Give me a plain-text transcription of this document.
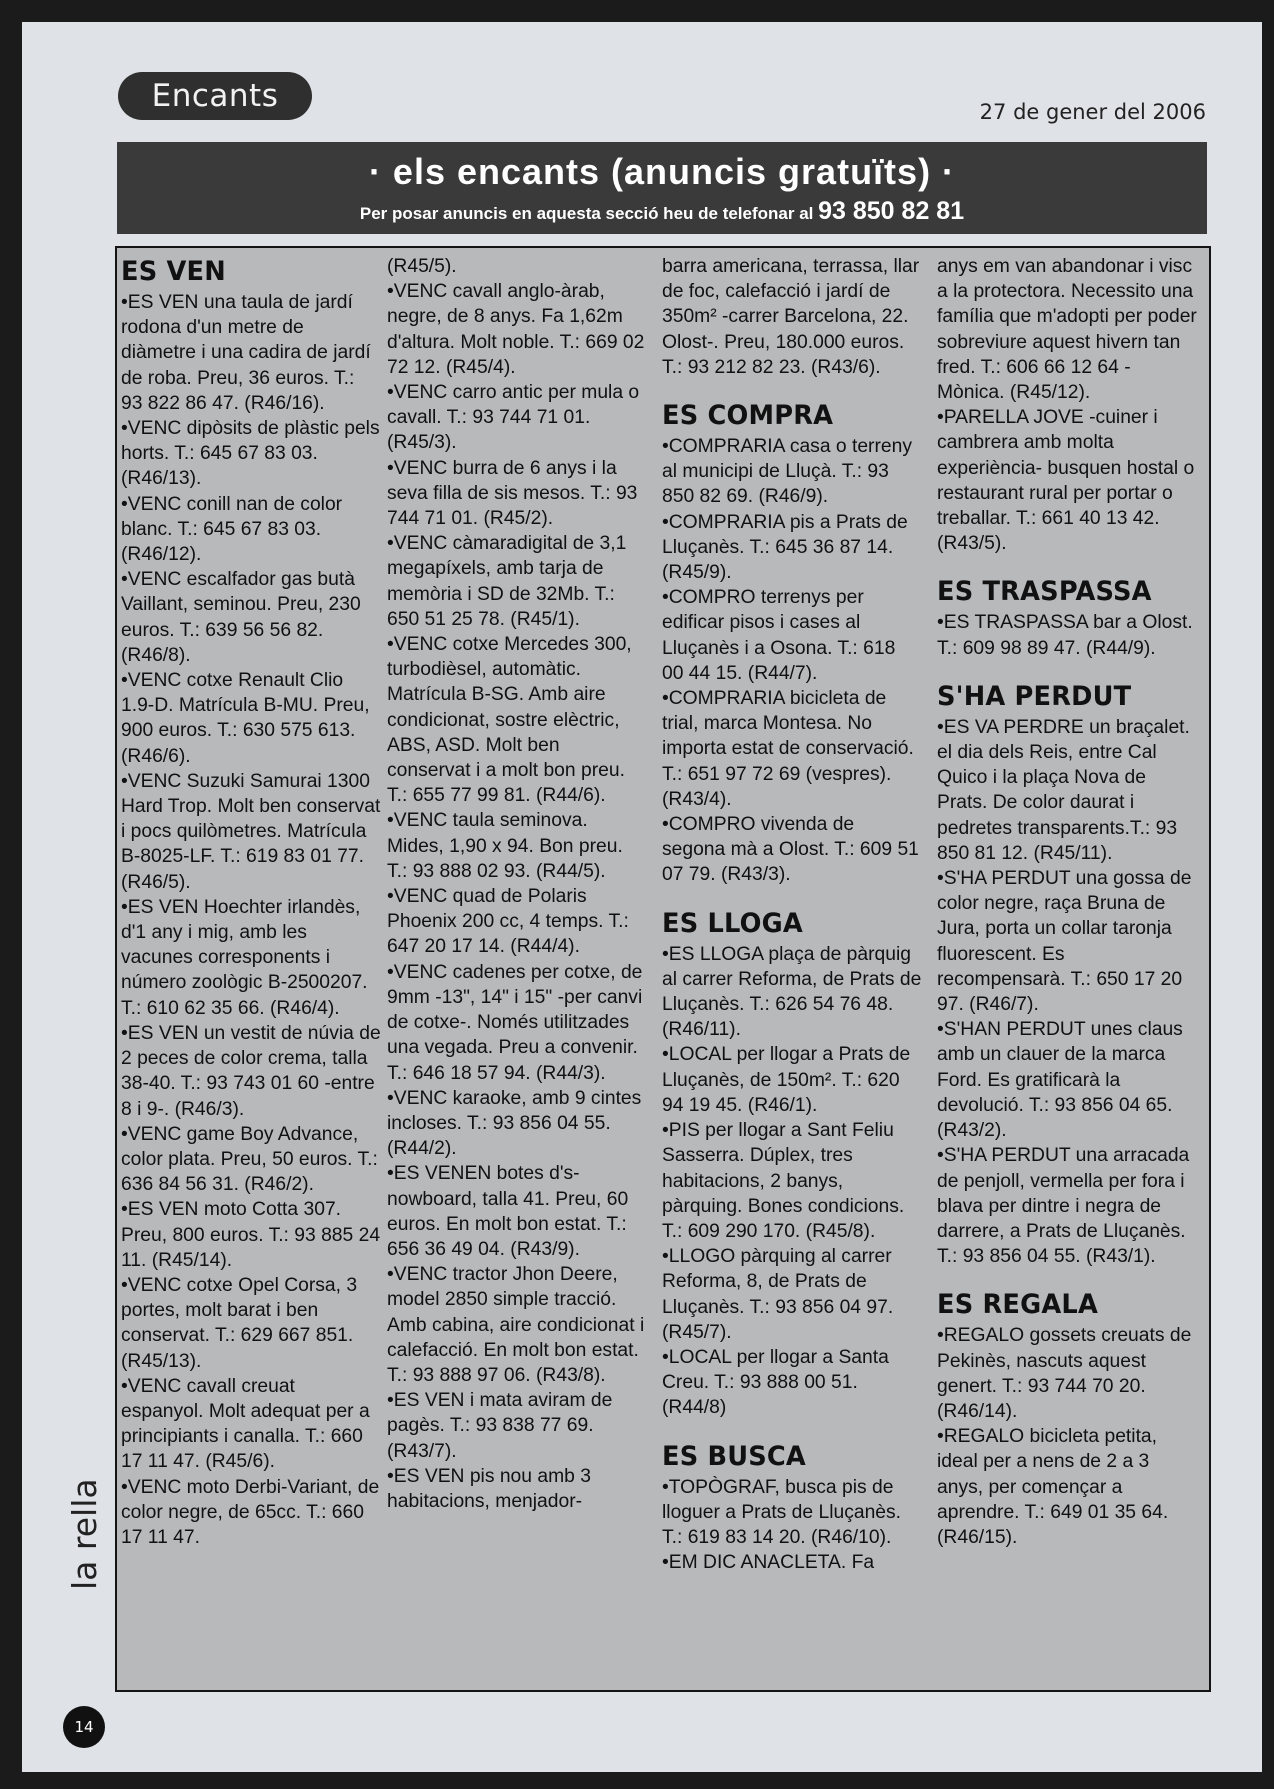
Encants	27 de gener del 2006
· els encants (anuncis gratuïts) ·
Per posar anuncis en aquesta secció heu de telefonar al 93 850 82 81
ES VEN

•ES VEN una taula de jardí rodona d'un metre de diàmetre i una cadira de jardí de roba. Preu, 36 euros. T.: 93 822 86 47. (R46/16).

•VENC dipòsits de plàstic pels horts. T.: 645 67 83 03. (R46/13).

•VENC conill nan de color blanc. T.: 645 67 83 03. (R46/12).

•VENC escalfador gas butà Vaillant, seminou. Preu, 230 euros. T.: 639 56 56 82. (R46/8).

•VENC cotxe Renault Clio 1.9-D. Matrícula B-MU. Preu, 900 euros. T.: 630 575 613. (R46/6).

•VENC Suzuki Samurai 1300 Hard Trop. Molt ben conservat i pocs quilòmetres. Matrícula B-8025-LF. T.: 619 83 01 77. (R46/5).

•ES VEN Hoechter irlandès, d'1 any i mig, amb les vacunes corresponents i número zoològic B-2500207. T.: 610 62 35 66. (R46/4).

•ES VEN un vestit de núvia de 2 peces de color crema, talla 38-40. T.: 93 743 01 60 -entre 8 i 9-. (R46/3).

•VENC game Boy Advance, color plata. Preu, 50 euros. T.: 636 84 56 31. (R46/2).

•ES VEN moto Cotta 307. Preu, 800 euros. T.: 93 885 24 11. (R45/14).

•VENC cotxe Opel Corsa, 3 portes, molt barat i ben conservat. T.: 629 667 851. (R45/13).

•VENC cavall creuat espanyol. Molt adequat per a principiants i canalla. T.: 660 17 11 47. (R45/6).

•VENC moto Derbi-Variant, de color negre, de 65cc. T.: 660 17 11 47.

(R45/5).

•VENC cavall anglo-àrab, negre, de 8 anys. Fa 1,62m d'altura. Molt noble. T.: 669 02 72 12. (R45/4).

•VENC carro antic per mula o cavall. T.: 93 744 71 01. (R45/3).

•VENC burra de 6 anys i la seva filla de sis mesos. T.: 93 744 71 01. (R45/2).

•VENC càmaradigital de 3,1 megapíxels, amb tarja de memòria i SD de 32Mb. T.: 650 51 25 78. (R45/1).

•VENC cotxe Mercedes 300, turbodièsel, automàtic. Matrícula B-SG. Amb aire condicionat, sostre elèctric, ABS, ASD. Molt ben conservat i a molt bon preu. T.: 655 77 99 81. (R44/6).

•VENC taula seminova. Mides, 1,90 x 94. Bon preu. T.: 93 888 02 93. (R44/5).

•VENC quad de Polaris Phoenix 200 cc, 4 temps. T.: 647 20 17 14. (R44/4).

•VENC cadenes per cotxe, de 9mm -13", 14" i 15" -per canvi de cotxe-. Només utilitzades una vegada. Preu a convenir. T.: 646 18 57 94. (R44/3).

•VENC karaoke, amb 9 cintes incloses. T.: 93 856 04 55. (R44/2).

•ES VENEN botes d's-nowboard, talla 41. Preu, 60 euros. En molt bon estat. T.: 656 36 49 04. (R43/9).

•VENC tractor Jhon Deere, model 2850 simple tracció. Amb cabina, aire condicionat i calefacció. En molt bon estat. T.: 93 888 97 06. (R43/8).

•ES VEN i mata aviram de pagès. T.: 93 838 77 69. (R43/7).

•ES VEN pis nou amb 3 habitacions, menjador-

barra americana, terrassa, llar de foc, calefacció i jardí de 350m² -carrer Barcelona, 22. Olost-. Preu, 180.000 euros. T.: 93 212 82 23. (R43/6).

ES COMPRA

•COMPRARIA casa o terreny al municipi de Lluçà. T.: 93 850 82 69. (R46/9).

•COMPRARIA pis a Prats de Lluçanès. T.: 645 36 87 14. (R45/9).

•COMPRO terrenys per edificar pisos i cases al Lluçanès i a Osona. T.: 618 00 44 15. (R44/7).

•COMPRARIA bicicleta de trial, marca Montesa. No importa estat de conservació. T.: 651 97 72 69 (vespres). (R43/4).

•COMPRO vivenda de segona mà a Olost. T.: 609 51 07 79. (R43/3).

ES LLOGA

•ES LLOGA plaça de pàrquig al carrer Reforma, de Prats de Lluçanès. T.: 626 54 76 48. (R46/11).

•LOCAL per llogar a Prats de Lluçanès, de 150m². T.: 620 94 19 45. (R46/1).

•PIS per llogar a Sant Feliu Sasserra. Dúplex, tres habitacions, 2 banys, pàrquing. Bones condicions. T.: 609 290 170. (R45/8).

•LLOGO pàrquing al carrer Reforma, 8, de Prats de Lluçanès. T.: 93 856 04 97. (R45/7).

•LOCAL per llogar a Santa Creu. T.: 93 888 00 51. (R44/8)

ES BUSCA

•TOPÒGRAF, busca pis de lloguer a Prats de Lluçanès. T.: 619 83 14 20. (R46/10).

•EM DIC ANACLETA. Fa

anys em van abandonar i visc a la protectora. Necessito una família que m'adopti per poder sobreviure aquest hivern tan fred. T.: 606 66 12 64 - Mònica. (R45/12).

•PARELLA JOVE -cuiner i cambrera amb molta experiència- busquen hostal o restaurant rural per portar o treballar. T.: 661 40 13 42. (R43/5).

ES TRASPASSA

•ES TRASPASSA bar a Olost. T.: 609 98 89 47. (R44/9).

S'HA PERDUT

•ES VA PERDRE un braçalet. el dia dels Reis, entre Cal Quico i la plaça Nova de Prats. De color daurat i pedretes transparents.T.: 93 850 81 12. (R45/11).

•S'HA PERDUT una gossa de color negre, raça Bruna de Jura, porta un collar taronja fluorescent. Es recompensarà. T.: 650 17 20 97. (R46/7).

•S'HAN PERDUT unes claus amb un clauer de la marca Ford. Es gratificarà la devolució. T.: 93 856 04 65. (R43/2).

•S'HA PERDUT una arracada de penjoll, vermella per fora i blava per dintre i negra de darrere, a Prats de Lluçanès. T.: 93 856 04 55. (R43/1).

ES REGALA

•REGALO gossets creuats de Pekinès, nascuts aquest genert. T.: 93 744 70 20. (R46/14).

•REGALO bicicleta petita, ideal per a nens de 2 a 3 anys, per començar a aprendre. T.: 649 01 35 64. (R46/15).

la rella
14
